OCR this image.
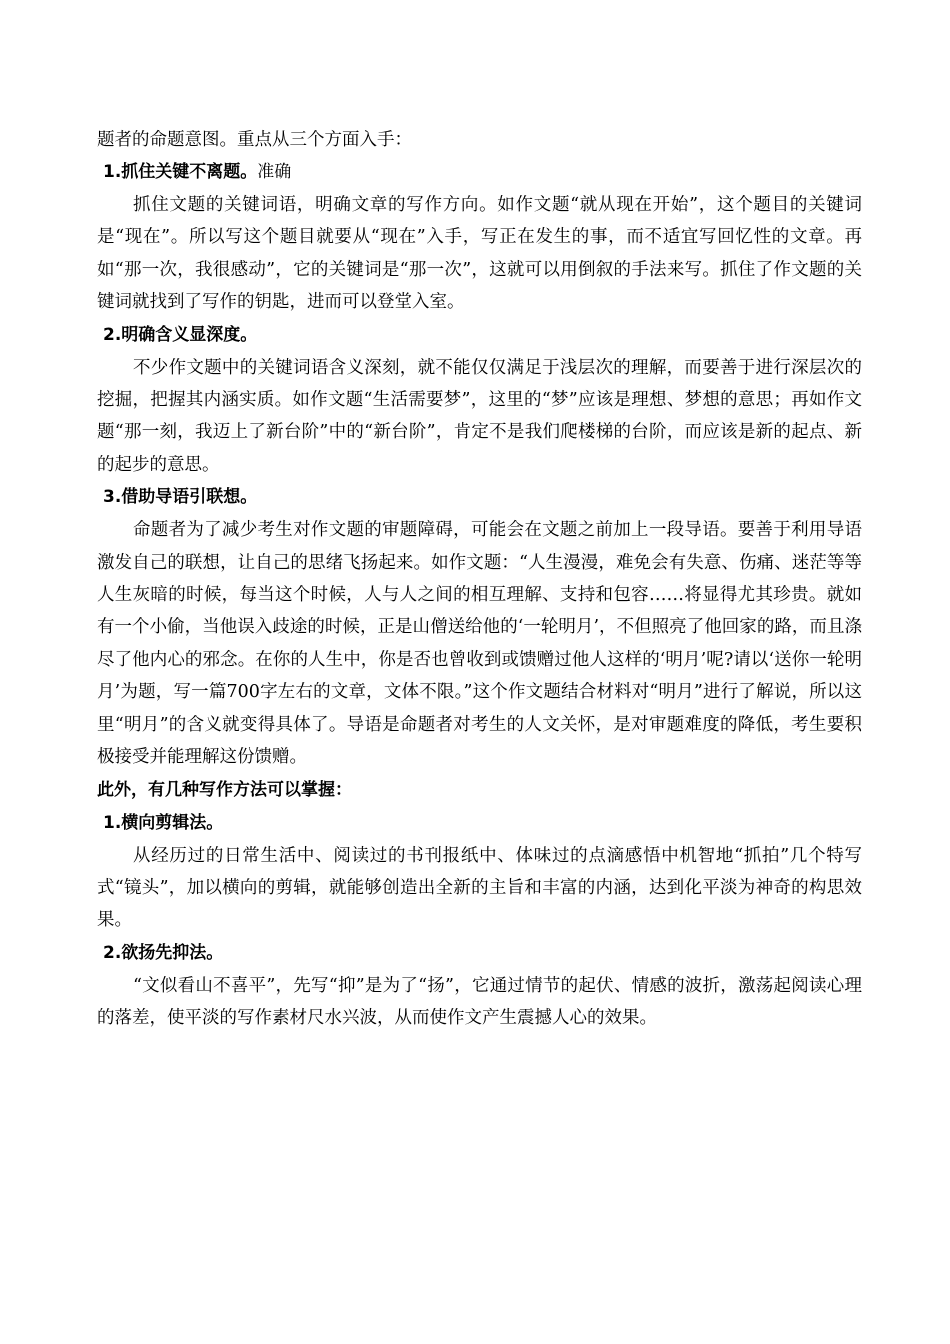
题者的命题意图。重点从三个方面入手：

1.抓住关键不离题。准确

抓住文题的关键词语，明确文章的写作方向。如作文题“就从现在开始”，这个题目的关键词是“现在”。所以写这个题目就要从“现在”入手，写正在发生的事，而不适宜写回忆性的文章。再如“那一次，我很感动”，它的关键词是“那一次”，这就可以用倒叙的手法来写。抓住了作文题的关键词就找到了写作的钥匙，进而可以登堂入室。

2.明确含义显深度。

不少作文题中的关键词语含义深刻，就不能仅仅满足于浅层次的理解，而要善于进行深层次的挖掘，把握其内涵实质。如作文题“生活需要梦”，这里的“梦”应该是理想、梦想的意思；再如作文题“那一刻，我迈上了新台阶”中的“新台阶”，肯定不是我们爬楼梯的台阶，而应该是新的起点、新的起步的意思。

3.借助导语引联想。

命题者为了减少考生对作文题的审题障碍，可能会在文题之前加上一段导语。要善于利用导语激发自己的联想，让自己的思绪飞扬起来。如作文题：“人生漫漫，难免会有失意、伤痛、迷茫等等人生灰暗的时候，每当这个时候，人与人之间的相互理解、支持和包容……将显得尤其珍贵。就如有一个小偷，当他误入歧途的时候，正是山僧送给他的‘一轮明月’，不但照亮了他回家的路，而且涤尽了他内心的邪念。在你的人生中，你是否也曾收到或馈赠过他人这样的‘明月’呢?请以‘送你一轮明月’为题，写一篇700字左右的文章，文体不限。”这个作文题结合材料对“明月”进行了解说，所以这里“明月”的含义就变得具体了。导语是命题者对考生的人文关怀，是对审题难度的降低，考生要积极接受并能理解这份馈赠。

此外，有几种写作方法可以掌握：

1.横向剪辑法。

从经历过的日常生活中、阅读过的书刊报纸中、体味过的点滴感悟中机智地“抓拍”几个特写式“镜头”，加以横向的剪辑，就能够创造出全新的主旨和丰富的内涵，达到化平淡为神奇的构思效果。

2.欲扬先抑法。

“文似看山不喜平”，先写“抑”是为了“扬”，它通过情节的起伏、情感的波折，激荡起阅读心理的落差，使平淡的写作素材尺水兴波，从而使作文产生震撼人心的效果。
